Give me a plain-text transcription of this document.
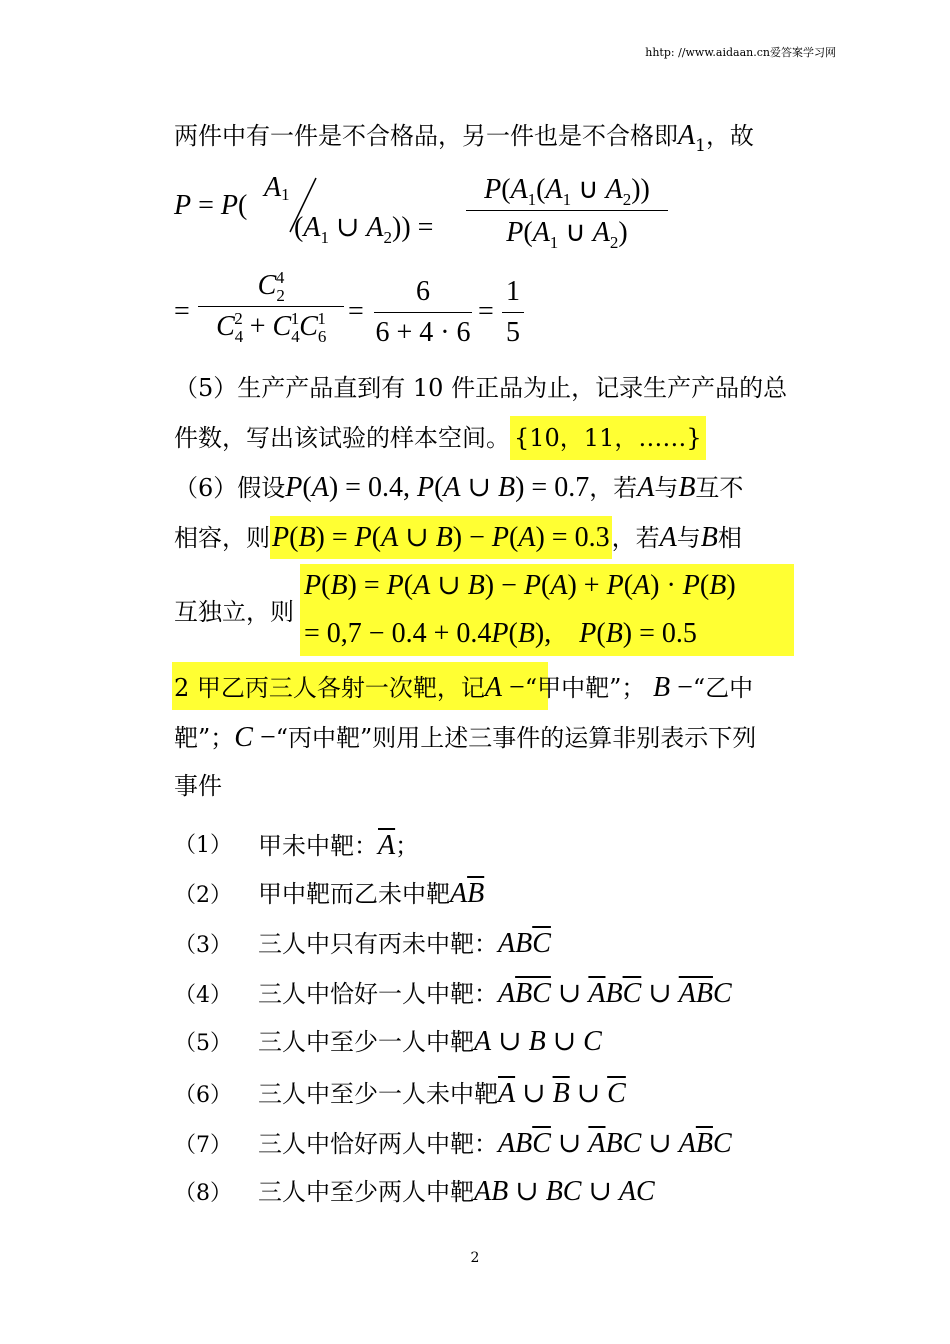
hhtp: //www.aidaan.cn爱答案学习网
两件中有一件是不合格品，另一件也是不合格即$A_1$，故
P = P(
A1
($A_1$ ∪ $A_2$)) =
$P(A_1(A_1$ ∪ $A_2$))
$P(A_1$ ∪ $A_2$)
=
$C_2^4$
$C_4^2 + C_4^1C_6^1$ =
6
6 + 4 · 6
=
1
5
（5）生产产品直到有 10 件正品为止，记录生产产品的总
件数，写出该试验的样本空间。 {10，11，……}
（6）假设P(A) = 0.4, P(A ∪ B) = 0.7，若A与B互不
相容，则P(B) = P(A ∪ B) − P(A) = 0.3，若A与B相
互独立，则
P(B) = P(A ∪ B) − P(A) + P(A) · P(B)
= 0,7 − 0.4 + 0.4P(B),    P(B) = 0.5
2 甲乙丙三人各射一次靶，记A −“甲中靶”； B −“乙中
靶”；C −“丙中靶”则用上述三事件的运算非别表示下列
事件
（1） 甲未中靶：$\overline{A}$；
（2） 甲中靶而乙未中靶$A\overline{B}$
（3） 三人中只有丙未中靶：$AB\overline{C}$
（4） 三人中恰好一人中靶：$A\overline{BC}$ ∪ $\overline{A}B\overline{C}$ ∪ $\overline{AB}C$
（5） 三人中至少一人中靶A ∪ B ∪ C
（6） 三人中至少一人未中靶$\overline{A}$ ∪ $\overline{B}$ ∪ $\overline{C}$
（7） 三人中恰好两人中靶：$AB\overline{C}$ ∪ $\overline{A}BC$ ∪ $A\overline{B}C$
（8） 三人中至少两人中靶AB ∪ BC ∪ AC
2
